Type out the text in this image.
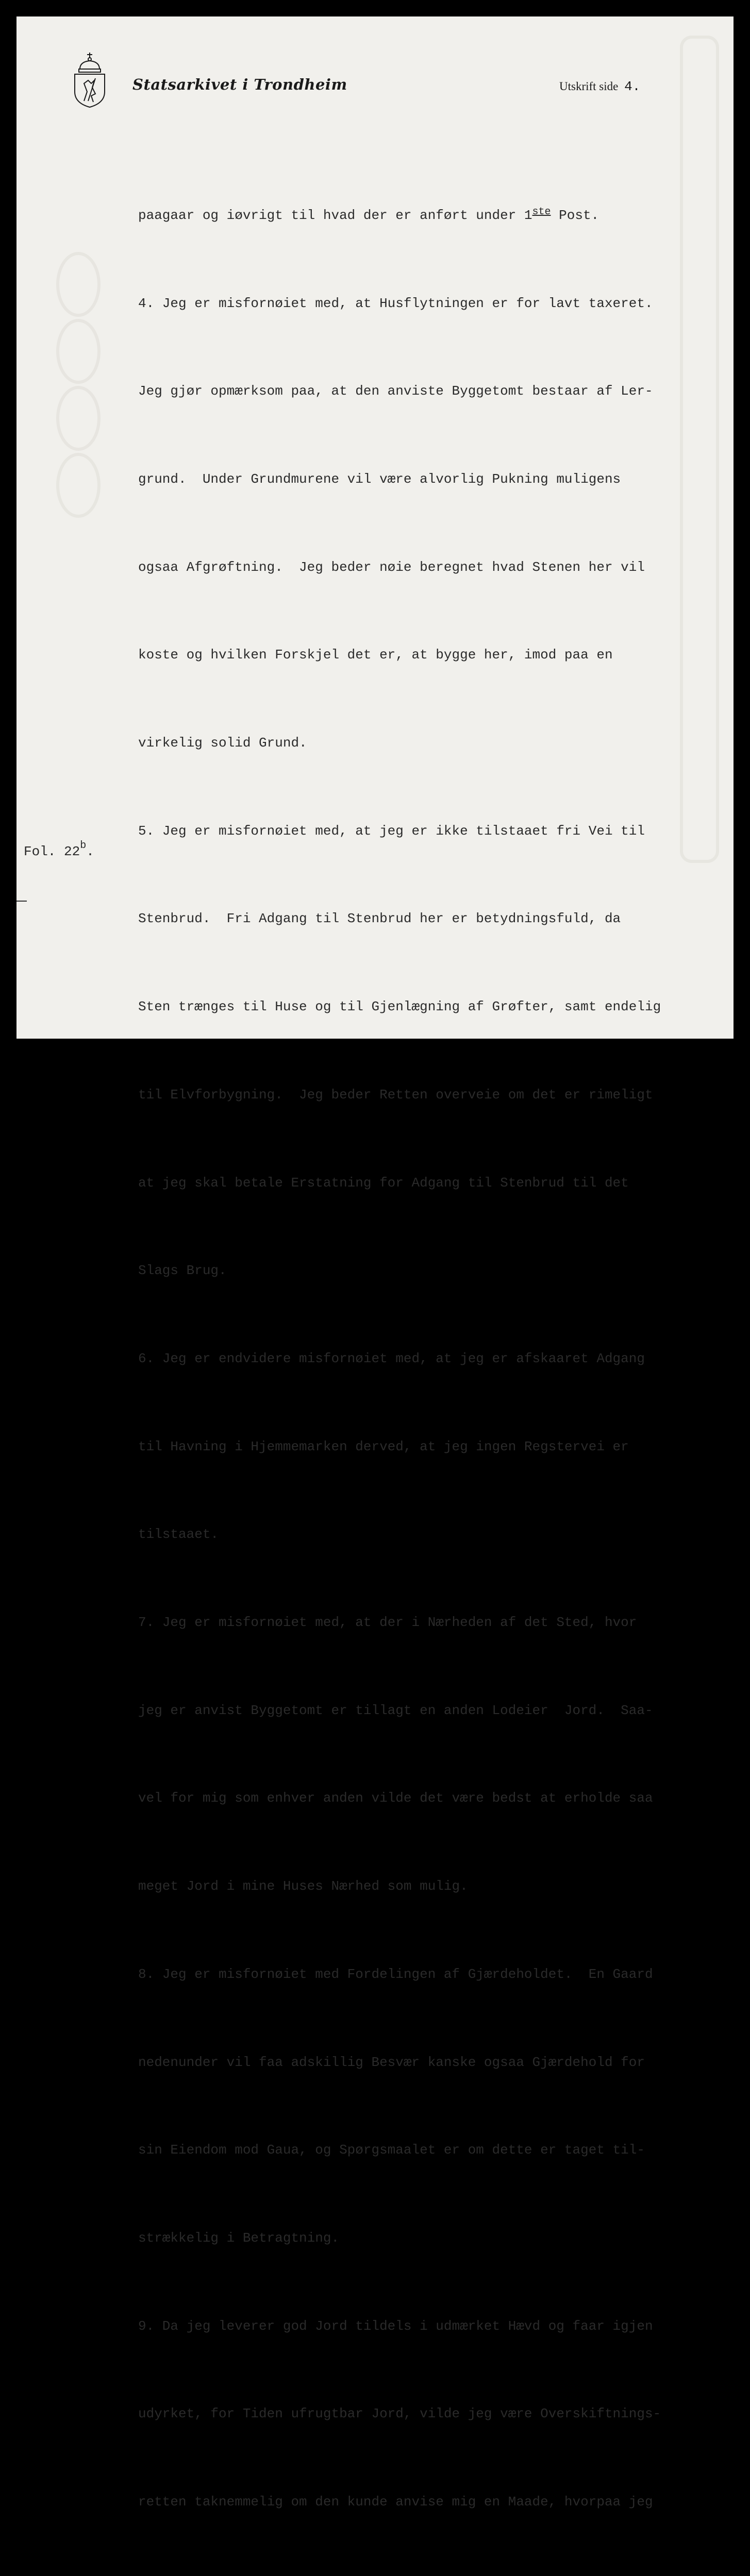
Statsarkivet i Trondheim	Utskrift side 4.

paagaar og iøvrigt til hvad der er anført under 1ste Post.

4. Jeg er misfornøiet med, at Husflytningen er for lavt taxeret.

Jeg gjør opmærksom paa, at den anviste Byggetomt bestaar af Ler-

grund.  Under Grundmurene vil være alvorlig Pukning muligens

ogsaa Afgrøftning.  Jeg beder nøie beregnet hvad Stenen her vil

koste og hvilken Forskjel det er, at bygge her, imod paa en

virkelig solid Grund.

5. Jeg er misfornøiet med, at jeg er ikke tilstaaet fri Vei til

Stenbrud.  Fri Adgang til Stenbrud her er betydningsfuld, da

Sten trænges til Huse og til Gjenlægning af Grøfter, samt endelig

til Elvforbygning.  Jeg beder Retten overveie om det er rimeligt

at jeg skal betale Erstatning for Adgang til Stenbrud til det

Slags Brug.

6. Jeg er endvidere misfornøiet med, at jeg er afskaaret Adgang

til Havning i Hjemmemarken derved, at jeg ingen Regstervei er

tilstaaet.

7. Jeg er misfornøiet med, at der i Nærheden af det Sted, hvor

jeg er anvist Byggetomt er tillagt en anden Lodeier  Jord.  Saa-

vel for mig som enhver anden vilde det være bedst at erholde saa

meget Jord i mine Huses Nærhed som mulig.

8. Jeg er misfornøiet med Fordelingen af Gjærdeholdet.  En Gaard

nedenunder vil faa adskillig Besvær kanske ogsaa Gjærdehold for

sin Eiendom mod Gaua, og Spørgsmaalet er om dette er taget til-

strækkelig i Betragtning.

9. Da jeg leverer god Jord tildels i udmærket Hævd og faar igjen

udyrket, for Tiden ufrugtbar Jord, vilde jeg være Overskiftnings-

retten taknemmelig om den kunde anvise mig en Maade, hvorpaa jeg

Fol. 22$^b$.
